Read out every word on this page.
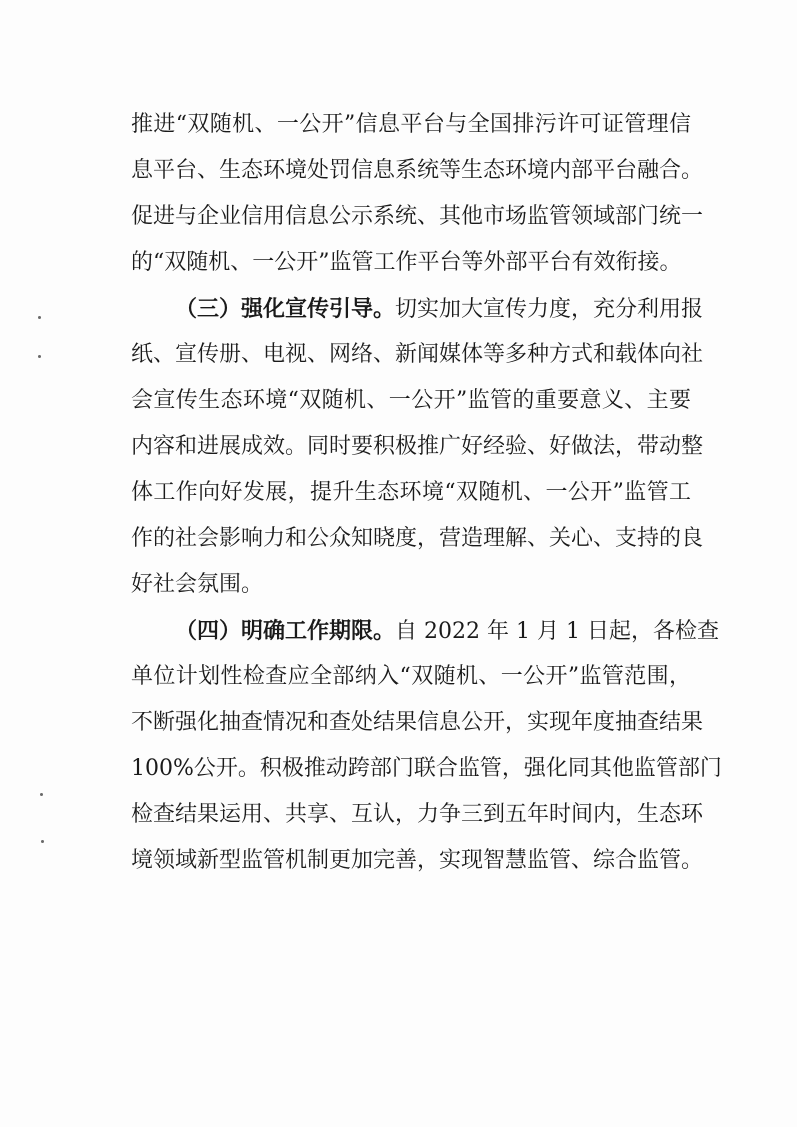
推进“双随机、一公开”信息平台与全国排污许可证管理信
息平台、生态环境处罚信息系统等生态环境内部平台融合。
促进与企业信用信息公示系统、其他市场监管领域部门统一
的“双随机、一公开”监管工作平台等外部平台有效衔接。
（三）强化宣传引导。切实加大宣传力度，充分利用报
纸、宣传册、电视、网络、新闻媒体等多种方式和载体向社
会宣传生态环境“双随机、一公开”监管的重要意义、主要
内容和进展成效。同时要积极推广好经验、好做法，带动整
体工作向好发展，提升生态环境“双随机、一公开”监管工
作的社会影响力和公众知晓度，营造理解、关心、支持的良
好社会氛围。
（四）明确工作期限。自 2022 年 1 月 1 日起，各检查
单位计划性检查应全部纳入“双随机、一公开”监管范围，
不断强化抽查情况和查处结果信息公开，实现年度抽查结果
100%公开。积极推动跨部门联合监管，强化同其他监管部门
检查结果运用、共享、互认，力争三到五年时间内，生态环
境领域新型监管机制更加完善，实现智慧监管、综合监管。
